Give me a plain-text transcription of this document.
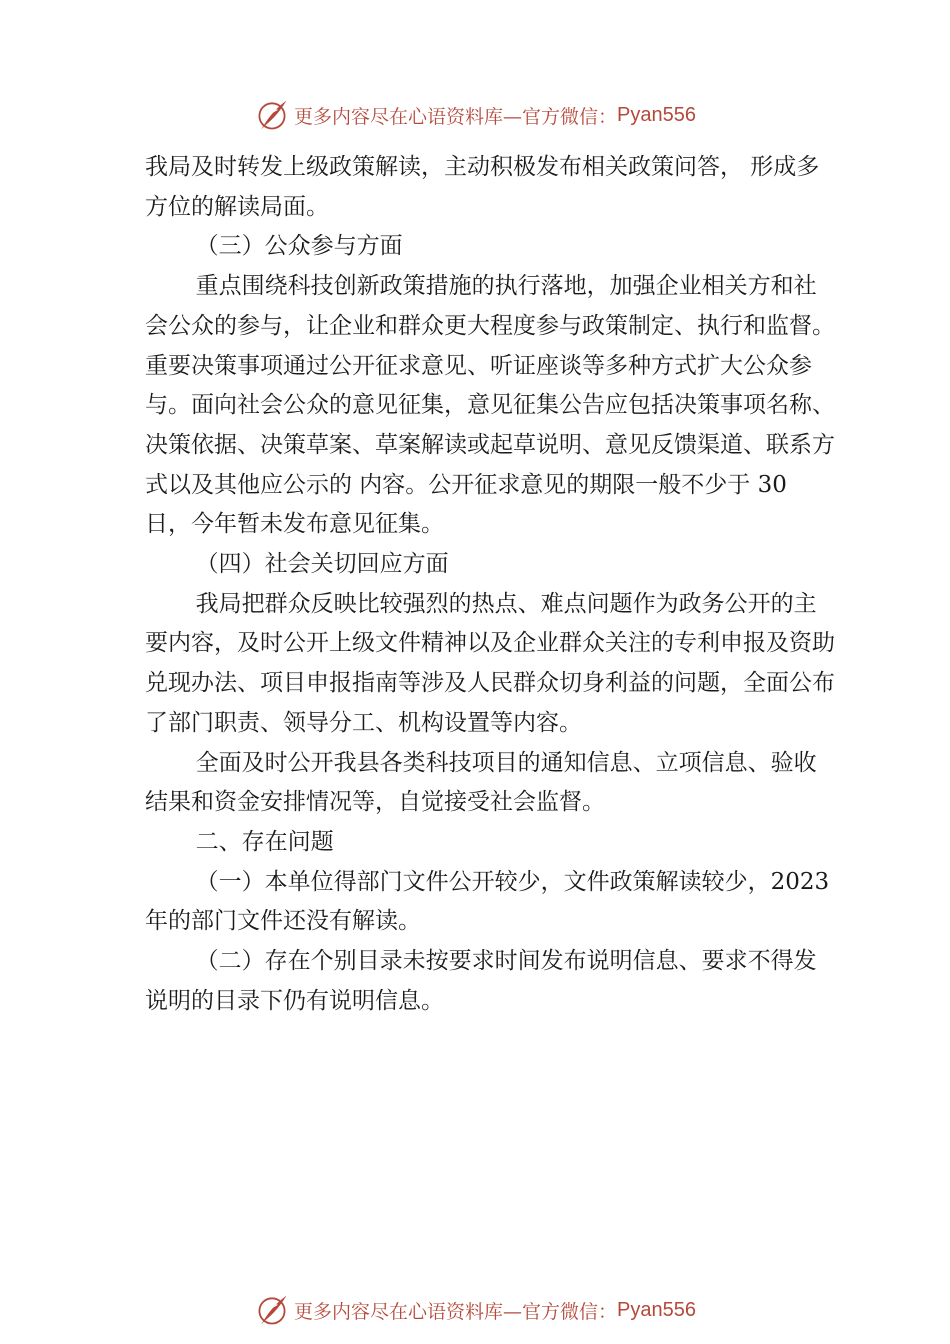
更多内容尽在心语资料库—官方微信： Pyan556

我局及时转发上级政策解读，主动积极发布相关政策问答， 形成多方位的解读局面。

（三）公众参与方面

重点围绕科技创新政策措施的执行落地，加强企业相关方和社会公众的参与，让企业和群众更大程度参与政策制定、执行和监督。重要决策事项通过公开征求意见、听证座谈等多种方式扩大公众参与。面向社会公众的意见征集，意见征集公告应包括决策事项名称、决策依据、决策草案、草案解读或起草说明、意见反馈渠道、联系方式以及其他应公示的 内容。公开征求意见的期限一般不少于 30 日，今年暂未发布意见征集。

（四）社会关切回应方面

我局把群众反映比较强烈的热点、难点问题作为政务公开的主要内容，及时公开上级文件精神以及企业群众关注的专利申报及资助兑现办法、项目申报指南等涉及人民群众切身利益的问题，全面公布了部门职责、领导分工、机构设置等内容。

全面及时公开我县各类科技项目的通知信息、立项信息、验收结果和资金安排情况等，自觉接受社会监督。

二、存在问题

（一）本单位得部门文件公开较少，文件政策解读较少，2023 年的部门文件还没有解读。

（二）存在个别目录未按要求时间发布说明信息、要求不得发说明的目录下仍有说明信息。

更多内容尽在心语资料库—官方微信： Pyan556
